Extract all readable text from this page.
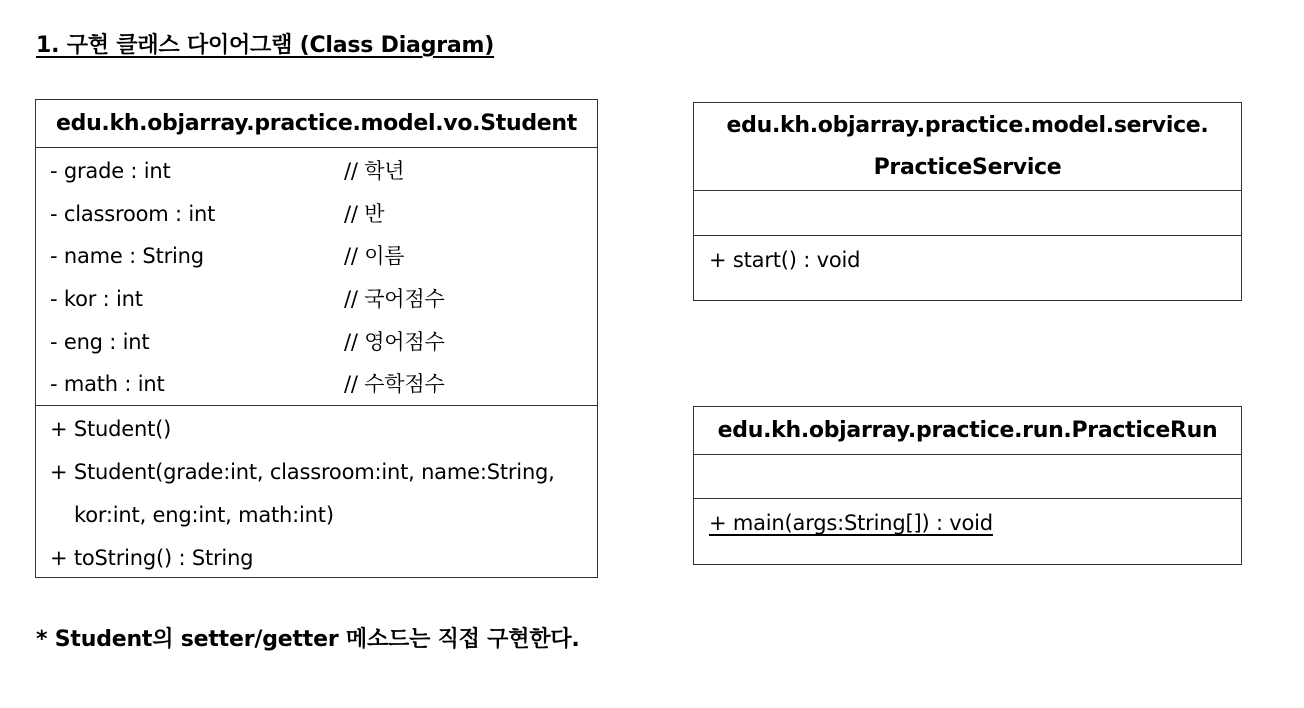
1. 구현 클래스 다이어그램 (Class Diagram)
edu.kh.objarray.practice.model.vo.Student
- grade : int	// 학년
- classroom : int	// 반
- name : String	// 이름
- kor : int	// 국어점수
- eng : int	// 영어점수
- math : int	// 수학점수
+ Student()
+ Student(grade:int, classroom:int, name:String,
kor:int, eng:int, math:int)
+ toString() : String
edu.kh.objarray.practice.model.service.
PracticeService
+ start() : void
edu.kh.objarray.practice.run.PracticeRun
+ main(args:String[]) : void
* Student의 setter/getter 메소드는 직접 구현한다.
